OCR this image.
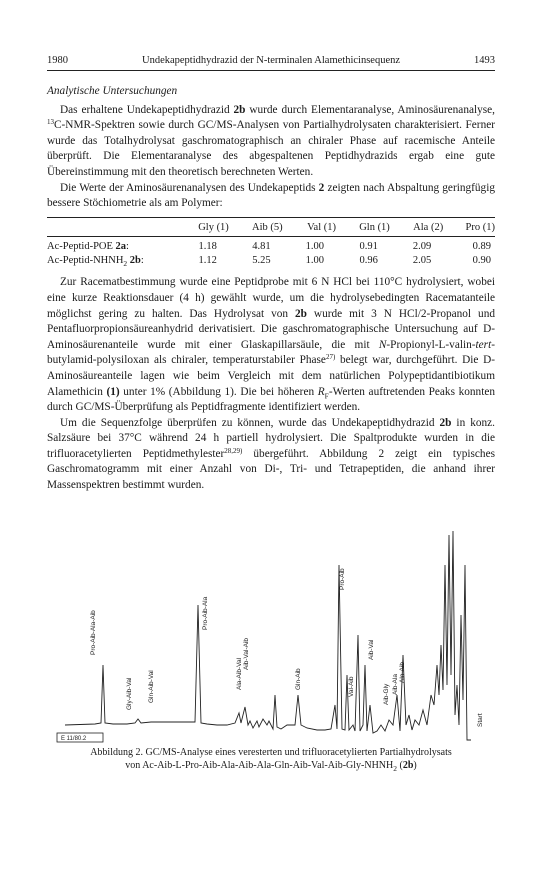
1980	Undekapeptidhydrazid der N-terminalen Alamethicinsequenz	1493
Analytische Untersuchungen

Das erhaltene Undekapeptidhydrazid 2b wurde durch Elementaranalyse, Aminosäurenanalyse, $^{13}$C-NMR-Spektren sowie durch GC/MS-Analysen von Partialhydrolysaten charakterisiert. Ferner wurde das Totalhydrolysat gaschromatographisch an chiraler Phase auf racemische Anteile überprüft. Die Elementaranalyse des abgespaltenen Peptidhydrazids ergab eine gute Übereinstimmung mit den theoretisch berechneten Werten.

Die Werte der Aminosäurenanalysen des Undekapeptids 2 zeigten nach Abspaltung geringfügig bessere Stöchiometrie als am Polymer:

	Gly (1)	Aib (5)	Val (1)	Gln (1)	Ala (2)	Pro (1)
Ac-Peptid-POE 2a:	1.18	4.81	1.00	0.91	2.09	0.89
$Ac-Peptid-NHNH_2$ 2b:	1.12	5.25	1.00	0.96	2.05	0.90

Zur Racematbestimmung wurde eine Peptidprobe mit 6 N HCl bei 110°C hydrolysiert, wobei eine kurze Reaktionsdauer (4 h) gewählt wurde, um die hydrolysebedingten Racematanteile möglichst gering zu halten. Das Hydrolysat von 2b wurde mit 3 N HCl/2-Propanol und Pentafluorpropionsäureanhydrid derivatisiert. Die gaschromatographische Untersuchung auf D-Aminosäurenanteile wurde mit einer Glaskapillarsäule, die mit N-Propionyl-L-valin-tert-butylamid-polysiloxan als chiraler, temperaturstabiler Phase$^{27)}$ belegt war, durchgeführt. Die D-Aminosäureanteile lagen wie beim Vergleich mit dem natürlichen Polypeptidantibiotikum Alamethicin (1) unter 1% (Abbildung 1). Die bei höheren $R_F$-Werten auftretenden Peaks konnten durch GC/MS-Überprüfung als Peptidfragmente identifiziert werden.

Um die Sequenzfolge überprüfen zu können, wurde das Undekapeptidhydrazid 2b in konz. Salzsäure bei 37°C während 24 h partiell hydrolysiert. Die Spaltprodukte wurden in die trifluoracetylierten Peptidmethylester$^{28,29)}$ übergeführt. Abbildung 2 zeigt ein typisches Gaschromatogramm mit einer Anzahl von Di-, Tri- und Tetrapeptiden, die anhand ihrer Massenspektren bestimmt wurden.

Pro-Aib-Ala-Aib
Gly-Aib-Val Gln-Aib-Val
Pro-Aib-Ala
Ala-Aib-Val
Aib-Val-Aib
Gln-Aib
Pro-Aib
Val-Aib
Aib-Val
Aib-Gly Aib-Ala
Ala-Aib
Start
E 11/80.2
Abbildung 2. GC/MS-Analyse eines veresterten und trifluoracetylierten Partialhydrolysats
von $Ac-Aib-L-Pro-Aib-Ala-Aib-Ala-Gln-Aib-Val-Aib-Gly-NHNH_2$ (2b)
